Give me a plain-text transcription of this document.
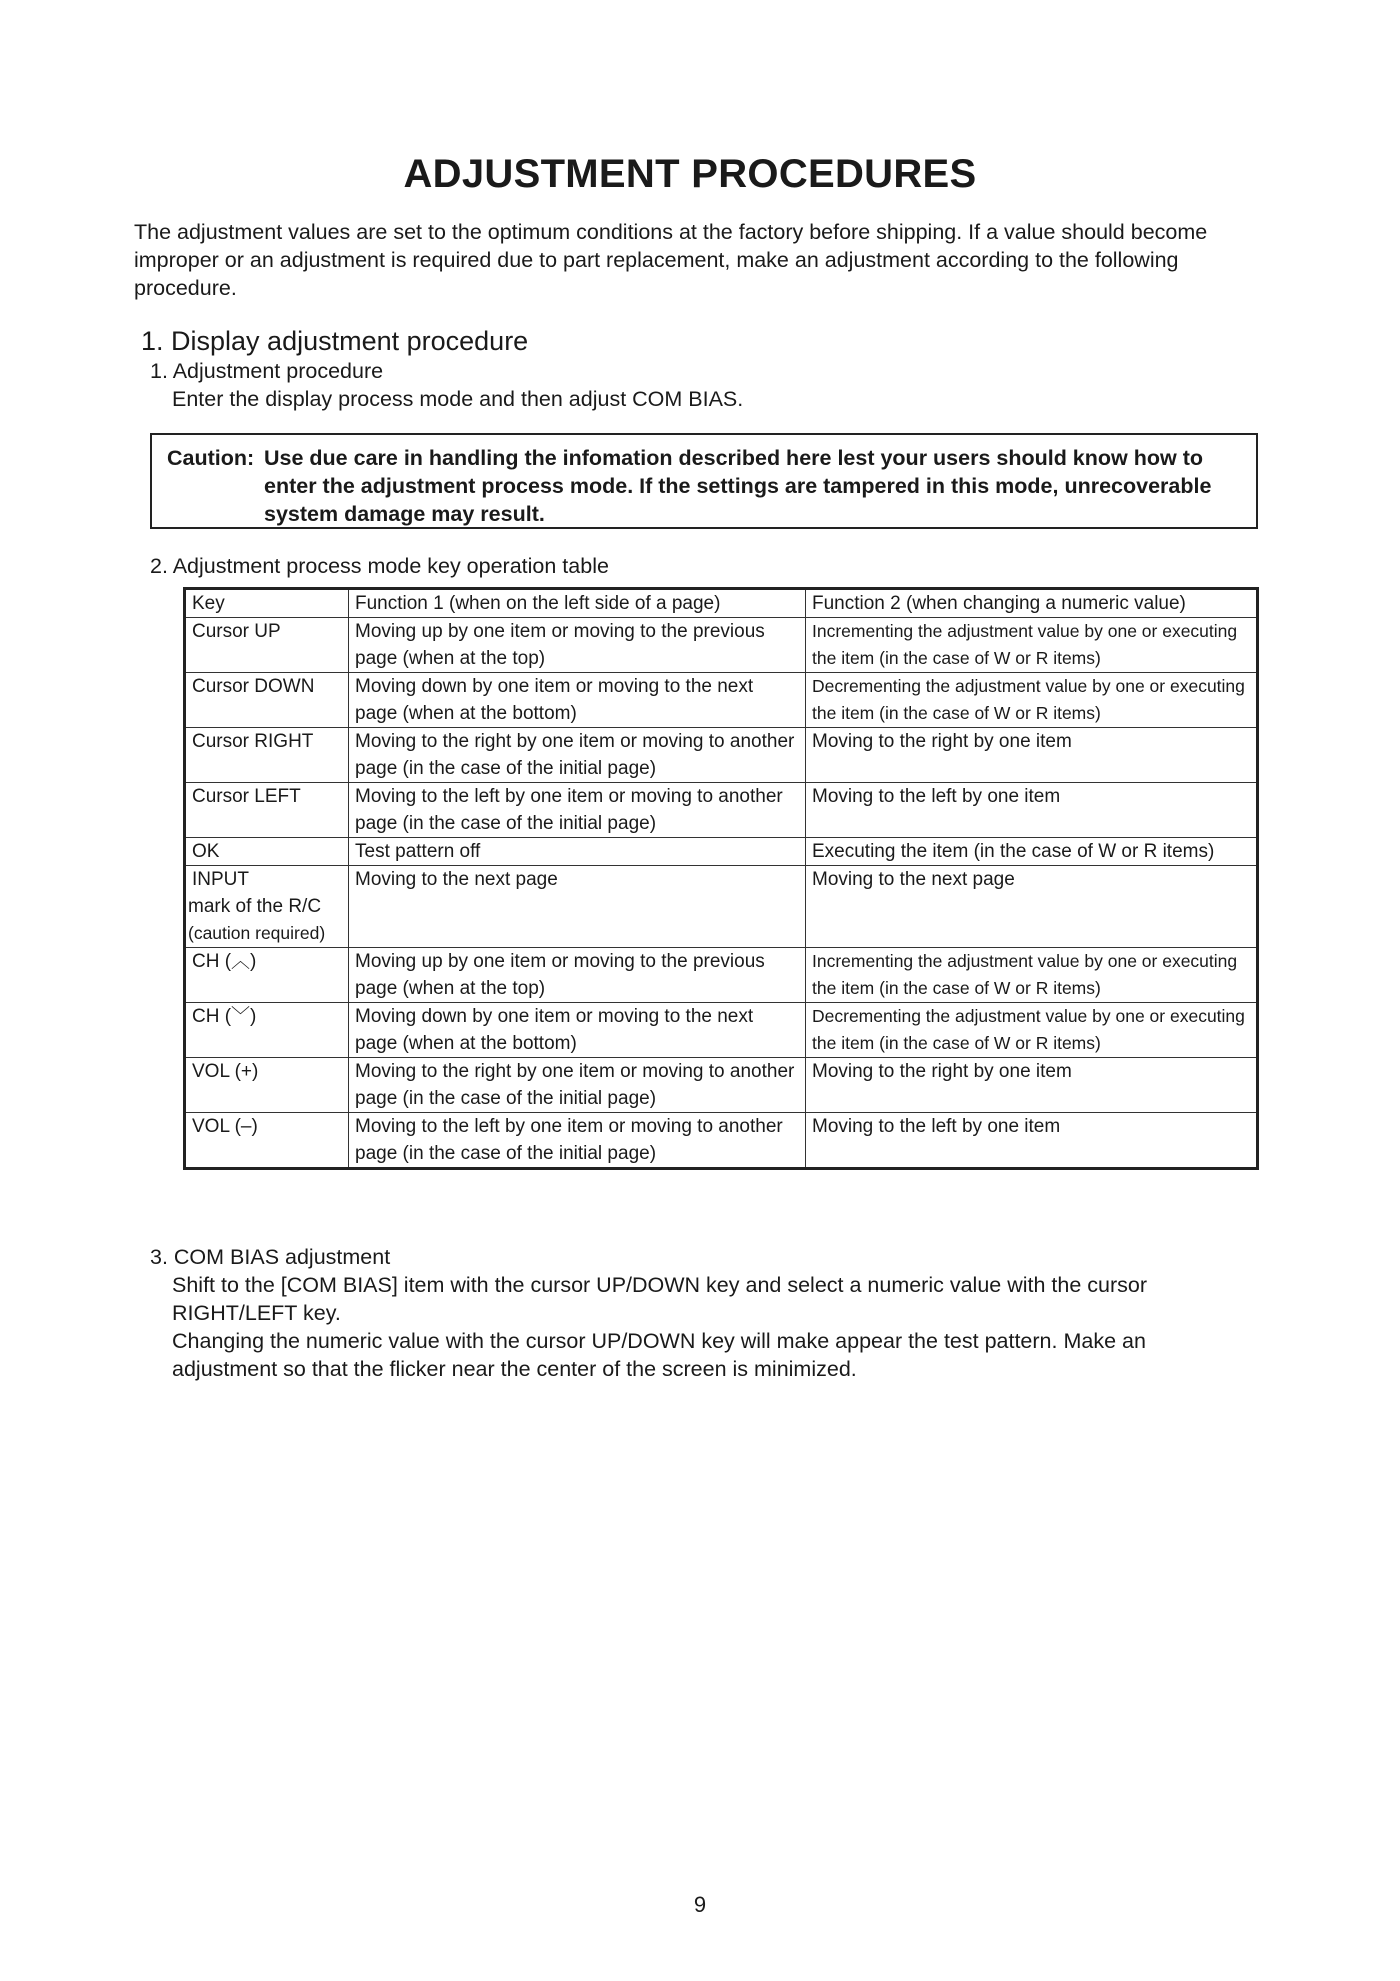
ADJUSTMENT PROCEDURES
The adjustment values are set to the optimum conditions at the factory before shipping. If a value should become improper or an adjustment is required due to part replacement, make an adjustment according to the following procedure.
1. Display adjustment procedure
1. Adjustment procedure
Enter the display process mode and then adjust COM BIAS.
Caution: Use due care in handling the infomation described here lest your users should know how to enter the adjustment process mode. If the settings are tampered in this mode, unrecoverable system damage may result.
2. Adjustment process mode key operation table
Key	Function 1 (when on the left side of a page)	Function 2 (when changing a numeric value)
Cursor UP	Moving up by one item or moving to the previous page (when at the top)	Incrementing the adjustment value by one or executing the item (in the case of W or R items)
Cursor DOWN	Moving down by one item or moving to the next page (when at the bottom)	Decrementing the adjustment value by one or executing the item (in the case of W or R items)
Cursor RIGHT	Moving to the right by one item or moving to another page (in the case of the initial page)	Moving to the right by one item
Cursor LEFT	Moving to the left by one item or moving to another page (in the case of the initial page)	Moving to the left by one item
OK	Test pattern off	Executing the item (in the case of W or R items)
INPUT
mark of the R/C
(caution required)	Moving to the next page	Moving to the next page
CH (︿)	Moving up by one item or moving to the previous page (when at the top)	Incrementing the adjustment value by one or executing the item (in the case of W or R items)
CH (﹀)	Moving down by one item or moving to the next page (when at the bottom)	Decrementing the adjustment value by one or executing the item (in the case of W or R items)
VOL (+)	Moving to the right by one item or moving to another page (in the case of the initial page)	Moving to the right by one item
VOL (–)	Moving to the left by one item or moving to another page (in the case of the initial page)	Moving to the left by one item
3. COM BIAS adjustment
Shift to the [COM BIAS] item with the cursor UP/DOWN key and select a numeric value with the cursor RIGHT/LEFT key.
Changing the numeric value with the cursor UP/DOWN key will make appear the test pattern. Make an adjustment so that the flicker near the center of the screen is minimized.
9
